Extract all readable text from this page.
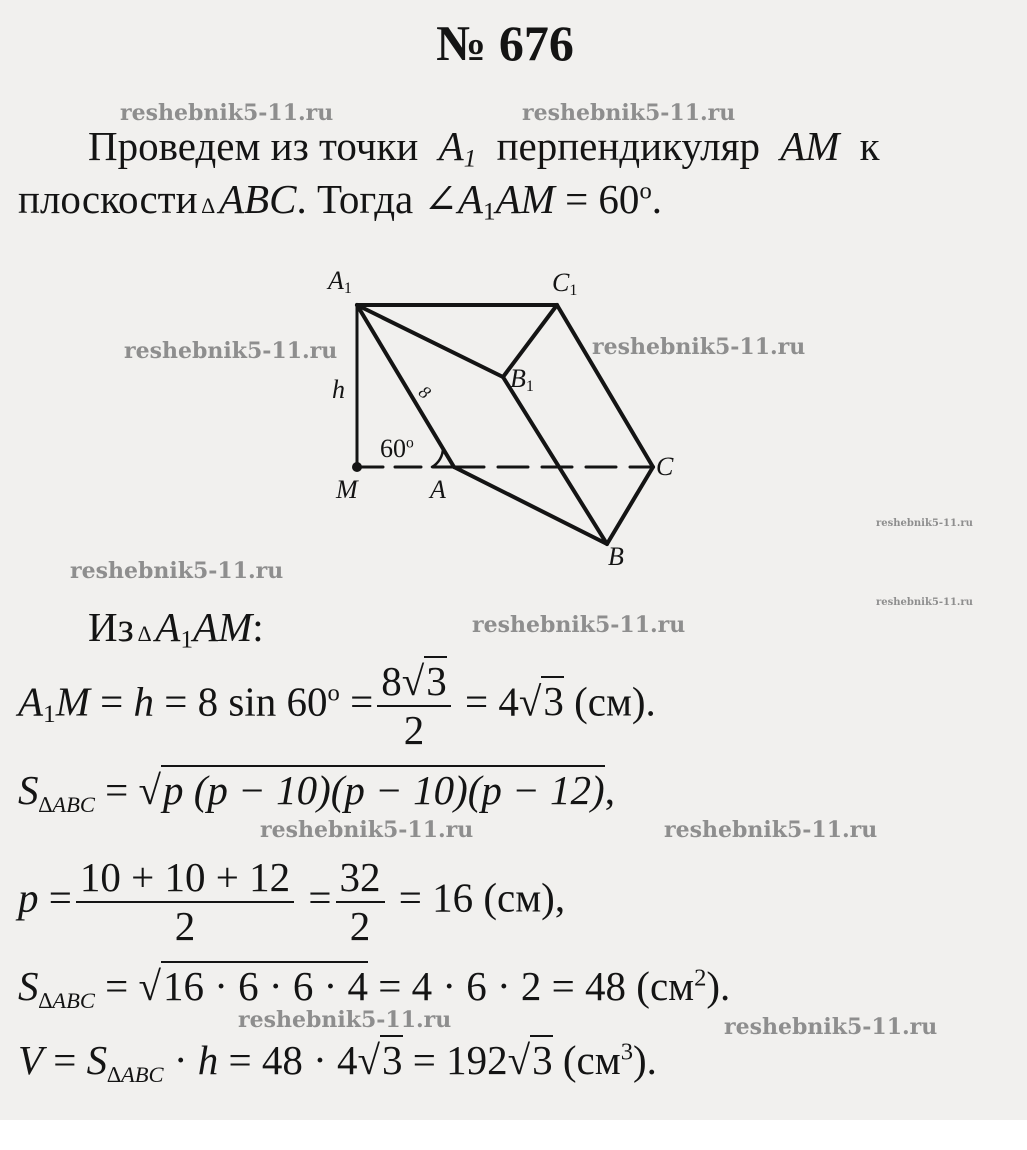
№ 676
reshebnik5-11.ru	reshebnik5-11.ru
reshebnik5-11.ru	reshebnik5-11.ru
reshebnik5-11.ru
reshebnik5-11.ru
reshebnik5-11.ru
reshebnik5-11.ru
reshebnik5-11.ru	reshebnik5-11.ru
reshebnik5-11.ru	reshebnik5-11.ru
Проведем из точки $A_1$ перпендикуляр AM к
плоскости ∆ABC. Тогда $\angle A_1AM = 60^o$.
$A_1$	$C_1$
$B_1$
h	8
60$^o$
C
M	A
B
Из $\Delta A_1AM$:
$A_1M = h = 8$ $\sin 60^o = \frac{8√3}{2} = 4√3$ (см).
S∆ABC = √p (p − 10)(p − 10)(p − 12),
$p = \frac{10 + 10 + 12}{2} = \frac{32}{2} = 16$ (см),
S∆ABC = √16 · 6 · 6 · 4 = 4 · 6 · 2 = 48 $(см^2)$.
V = S∆ABC · h = 48 · 4√3 = 192√3 $(см^3)$.
